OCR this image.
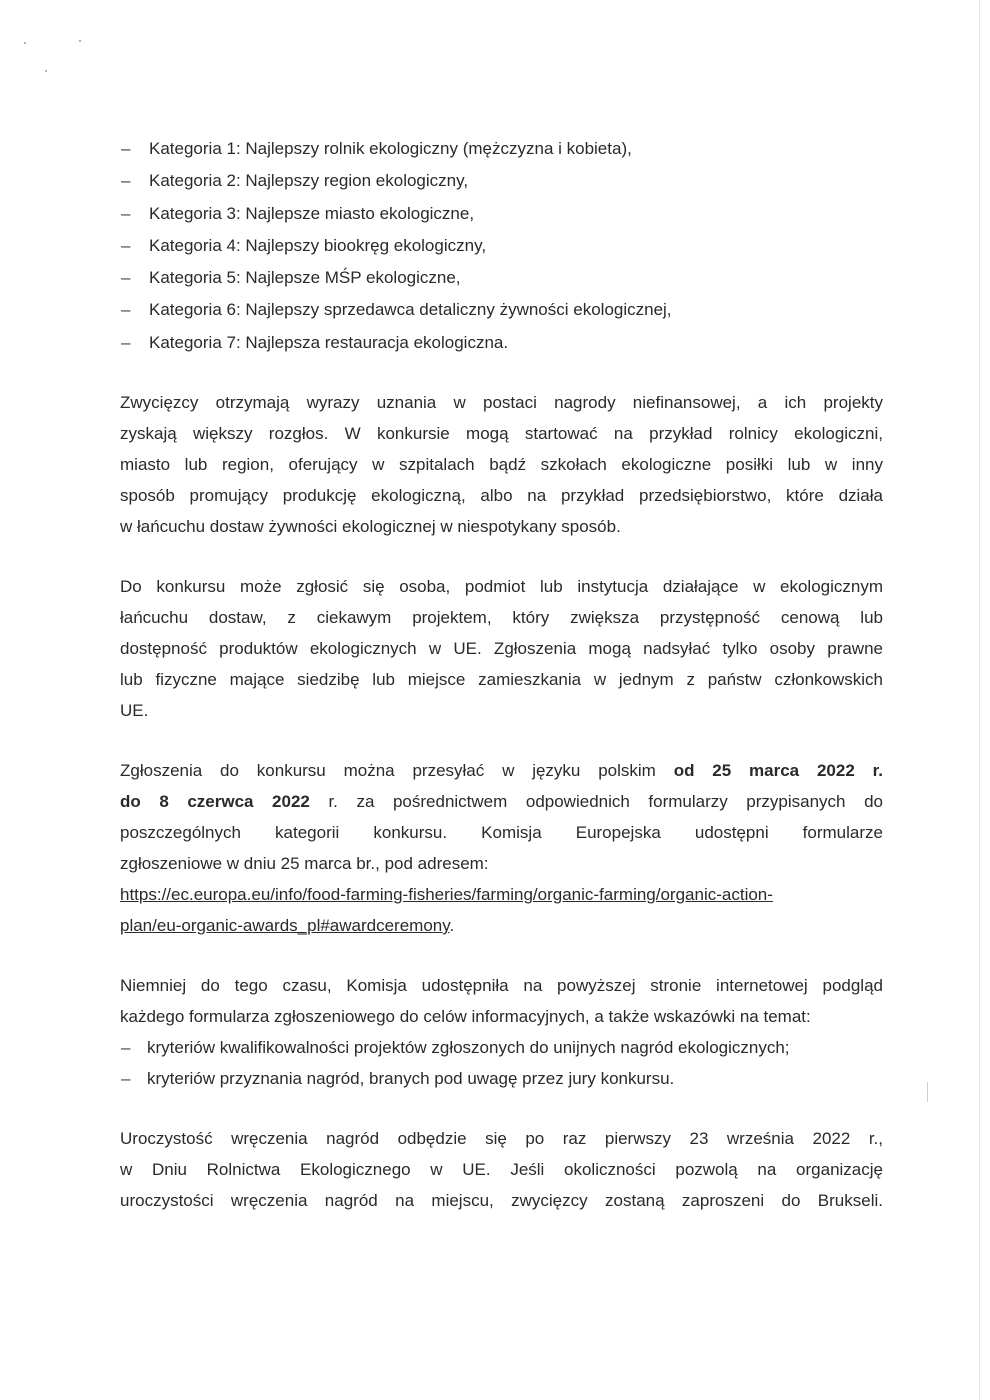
–	Kategoria 1: Najlepszy rolnik ekologiczny (mężczyzna i kobieta),
–	Kategoria 2: Najlepszy region ekologiczny,
–	Kategoria 3: Najlepsze miasto ekologiczne,
–	Kategoria 4: Najlepszy biookręg ekologiczny,
–	Kategoria 5: Najlepsze MŚP ekologiczne,
–	Kategoria 6: Najlepszy sprzedawca detaliczny żywności ekologicznej,
–	Kategoria 7: Najlepsza restauracja ekologiczna.

Zwycięzcy otrzymają wyrazy uznania w postaci nagrody niefinansowej, a ich projekty
zyskają większy rozgłos. W konkursie mogą startować na przykład rolnicy ekologiczni,
miasto lub region, oferujący w szpitalach bądź szkołach ekologiczne posiłki lub w inny
sposób promujący produkcję ekologiczną, albo na przykład przedsiębiorstwo, które działa
w łańcuchu dostaw żywności ekologicznej w niespotykany sposób.

Do konkursu może zgłosić się osoba, podmiot lub instytucja działające w ekologicznym
łańcuchu dostaw, z ciekawym projektem, który zwiększa przystępność cenową lub
dostępność produktów ekologicznych w UE. Zgłoszenia mogą nadsyłać tylko osoby prawne
lub fizyczne mające siedzibę lub miejsce zamieszkania w jednym z państw członkowskich
UE.

Zgłoszenia do konkursu można przesyłać w języku polskim od 25 marca 2022 r.
do 8 czerwca 2022 r. za pośrednictwem odpowiednich formularzy przypisanych do
poszczególnych kategorii konkursu. Komisja Europejska udostępni formularze
zgłoszeniowe w dniu 25 marca br., pod adresem:
https://ec.europa.eu/info/food-farming-fisheries/farming/organic-farming/organic-action-
plan/eu-organic-awards_pl#awardceremony.

Niemniej do tego czasu, Komisja udostępniła na powyższej stronie internetowej podgląd
każdego formularza zgłoszeniowego do celów informacyjnych, a także wskazówki na temat:

– kryteriów kwalifikowalności projektów zgłoszonych do unijnych nagród ekologicznych;
– kryteriów przyznania nagród, branych pod uwagę przez jury konkursu.

Uroczystość wręczenia nagród odbędzie się po raz pierwszy 23 września 2022 r.,
w Dniu Rolnictwa Ekologicznego w UE. Jeśli okoliczności pozwolą na organizację
uroczystości wręczenia nagród na miejscu, zwycięzcy zostaną zaproszeni do Brukseli.
